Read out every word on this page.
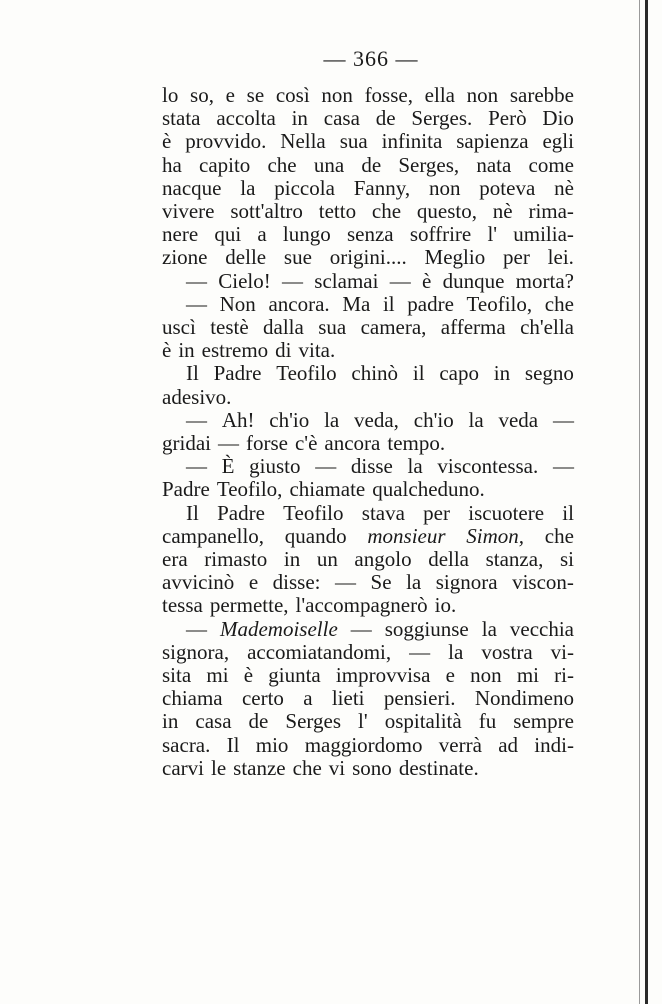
— 366 —
lo so, e se così non fosse, ella non sarebbe
stata accolta in casa de Serges. Però Dio
è provvido. Nella sua infinita sapienza egli
ha capito che una de Serges, nata come
nacque la piccola Fanny, non poteva nè
vivere sott'altro tetto che questo, nè rima-
nere qui a lungo senza soffrire l' umilia-
zione delle sue origini.... Meglio per lei.
— Cielo! — sclamai — è dunque morta?
— Non ancora. Ma il padre Teofilo, che
uscì testè dalla sua camera, afferma ch'ella
è in estremo di vita.
Il Padre Teofilo chinò il capo in segno
adesivo.
— Ah! ch'io la veda, ch'io la veda —
gridai — forse c'è ancora tempo.
— È giusto — disse la viscontessa. —
Padre Teofilo, chiamate qualcheduno.
Il Padre Teofilo stava per iscuotere il
campanello, quando monsieur Simon, che
era rimasto in un angolo della stanza, si
avvicinò e disse: — Se la signora viscon-
tessa permette, l'accompagnerò io.
— Mademoiselle — soggiunse la vecchia
signora, accomiatandomi, — la vostra vi-
sita mi è giunta improvvisa e non mi ri-
chiama certo a lieti pensieri. Nondimeno
in casa de Serges l' ospitalità fu sempre
sacra. Il mio maggiordomo verrà ad indi-
carvi le stanze che vi sono destinate.
